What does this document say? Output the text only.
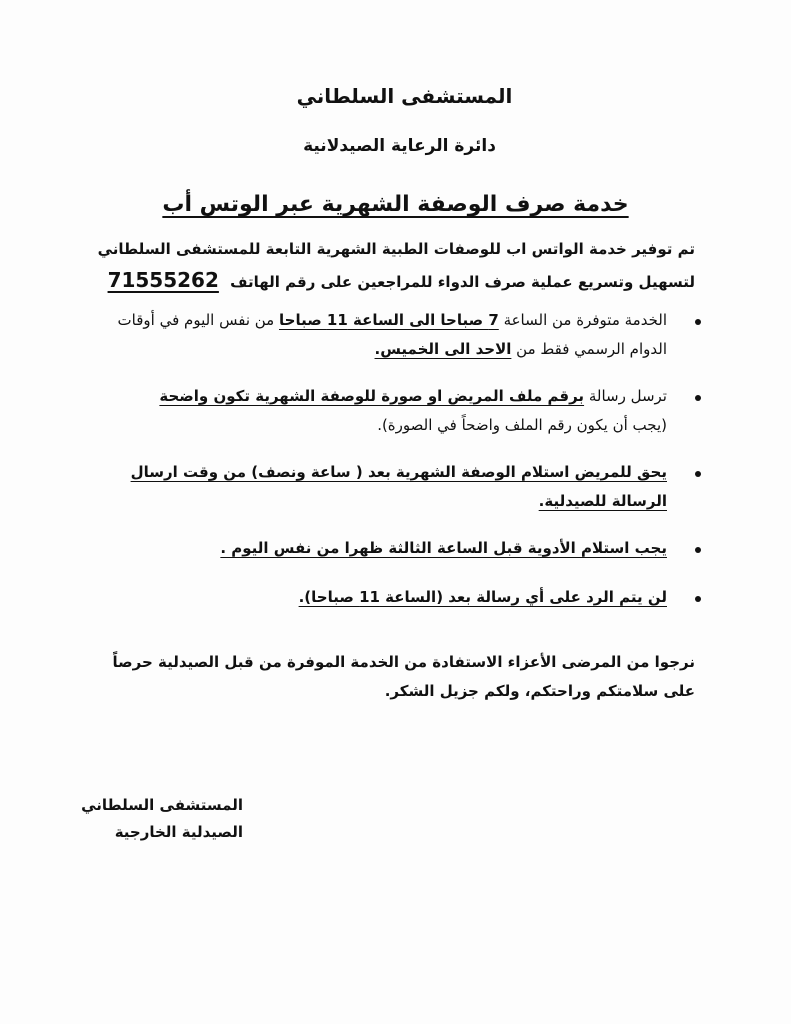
المستشفى السلطاني
دائرة الرعاية الصيدلانية
خدمة صرف الوصفة الشهرية عبر الوتس أب
تم توفير خدمة الواتس اب للوصفات الطبية الشهرية التابعة للمستشفى السلطاني
لتسهيل وتسريع عملية صرف الدواء للمراجعين على رقم الهاتف 71555262
الخدمة متوفرة من الساعة 7 صباحا الى الساعة 11 صباحا من نفس اليوم في أوقات الدوام الرسمي فقط من الاحد الى الخميس.
ترسل رسالة برقم ملف المريض او صورة للوصفة الشهرية تكون واضحة
(يجب أن يكون رقم الملف واضحاً في الصورة).
يحق للمريض استلام الوصفة الشهرية بعد ( ساعة ونصف) من وقت ارسال الرسالة للصيدلية.
يجب استلام الأدوية قبل الساعة الثالثة ظهرا من نفس اليوم .
لن يتم الرد على أي رسالة بعد (الساعة 11 صباحا).
نرجوا من المرضى الأعزاء الاستفادة من الخدمة الموفرة من قبل الصيدلية حرصاً
على سلامتكم وراحتكم، ولكم جزيل الشكر.
المستشفى السلطاني
الصيدلية الخارجية
